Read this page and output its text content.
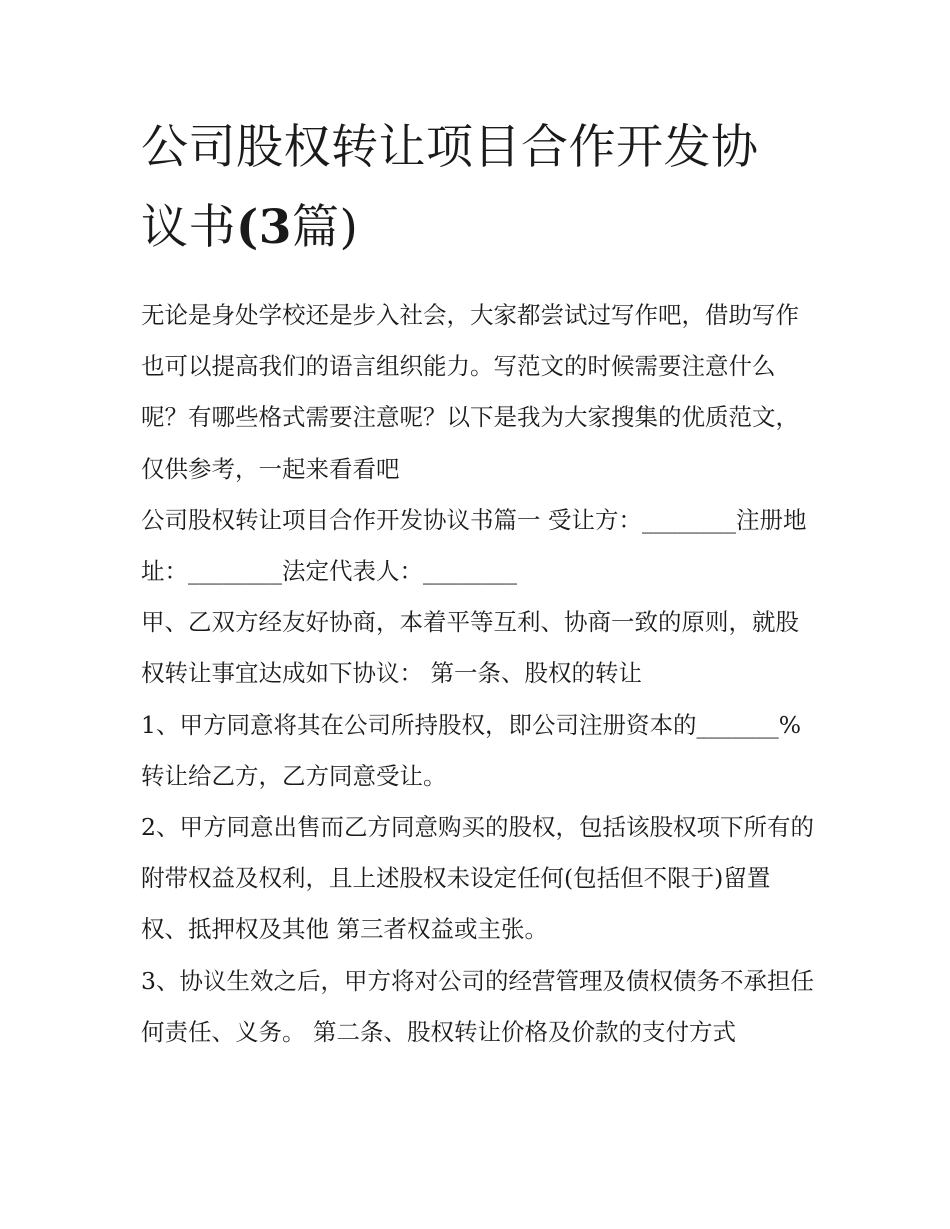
公司股权转让项目合作开发协
议书(3篇)

无论是身处学校还是步入社会，大家都尝试过写作吧，借助写作也可以提高我们的语言组织能力。写范文的时候需要注意什么呢？有哪些格式需要注意呢？以下是我为大家搜集的优质范文，仅供参考，一起来看看吧

公司股权转让项目合作开发协议书篇一 受让方：________注册地址：________法定代表人：________

甲、乙双方经友好协商，本着平等互利、协商一致的原则，就股权转让事宜达成如下协议： 第一条、股权的转让

1、甲方同意将其在公司所持股权，即公司注册资本的_______%转让给乙方，乙方同意受让。

2、甲方同意出售而乙方同意购买的股权，包括该股权项下所有的附带权益及权利，且上述股权未设定任何(包括但不限于)留置权、抵押权及其他 第三者权益或主张。

3、协议生效之后，甲方将对公司的经营管理及债权债务不承担任何责任、义务。 第二条、股权转让价格及价款的支付方式
